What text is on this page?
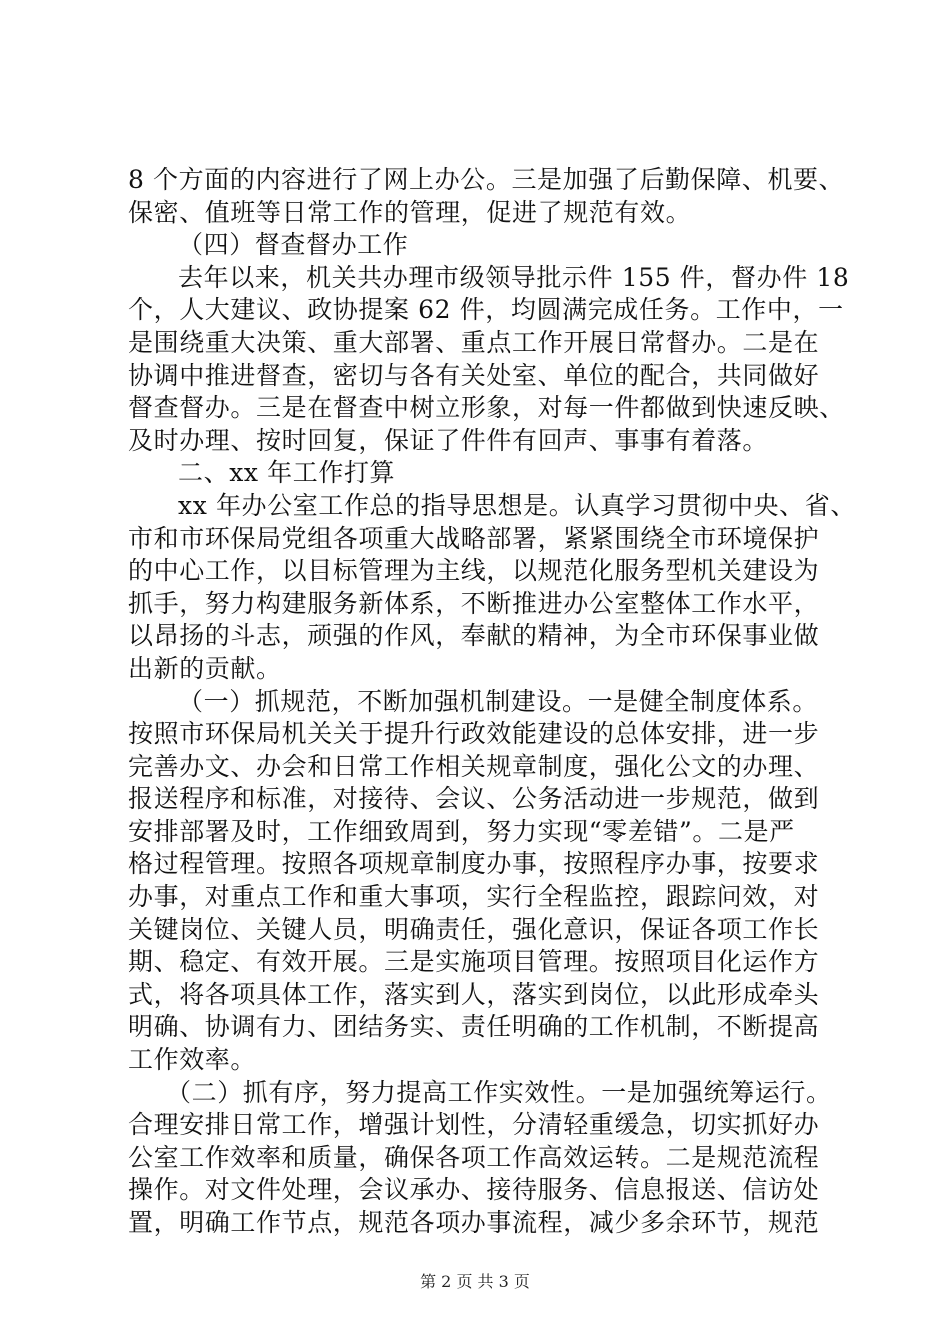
8 个方面的内容进行了网上办公。三是加强了后勤保障、机要、
保密、值班等日常工作的管理，促进了规范有效。
（四）督查督办工作
去年以来，机关共办理市级领导批示件 155 件，督办件 18
个，人大建议、政协提案 62 件，均圆满完成任务。工作中，一
是围绕重大决策、重大部署、重点工作开展日常督办。二是在
协调中推进督查，密切与各有关处室、单位的配合，共同做好
督查督办。三是在督查中树立形象，对每一件都做到快速反映、
及时办理、按时回复，保证了件件有回声、事事有着落。
二、xx 年工作打算
xx 年办公室工作总的指导思想是。认真学习贯彻中央、省、
市和市环保局党组各项重大战略部署，紧紧围绕全市环境保护
的中心工作，以目标管理为主线，以规范化服务型机关建设为
抓手，努力构建服务新体系，不断推进办公室整体工作水平，
以昂扬的斗志，顽强的作风，奉献的精神，为全市环保事业做
出新的贡献。
（一）抓规范，不断加强机制建设。一是健全制度体系。
按照市环保局机关关于提升行政效能建设的总体安排，进一步
完善办文、办会和日常工作相关规章制度，强化公文的办理、
报送程序和标准，对接待、会议、公务活动进一步规范，做到
安排部署及时，工作细致周到，努力实现“零差错”。二是严
格过程管理。按照各项规章制度办事，按照程序办事，按要求
办事，对重点工作和重大事项，实行全程监控，跟踪问效，对
关键岗位、关键人员，明确责任，强化意识，保证各项工作长
期、稳定、有效开展。三是实施项目管理。按照项目化运作方
式，将各项具体工作，落实到人，落实到岗位，以此形成牵头
明确、协调有力、团结务实、责任明确的工作机制，不断提高
工作效率。
（二）抓有序，努力提高工作实效性。一是加强统筹运行。
合理安排日常工作，增强计划性，分清轻重缓急，切实抓好办
公室工作效率和质量，确保各项工作高效运转。二是规范流程
操作。对文件处理，会议承办、接待服务、信息报送、信访处
置，明确工作节点，规范各项办事流程，减少多余环节，规范
第 2 页 共 3 页
